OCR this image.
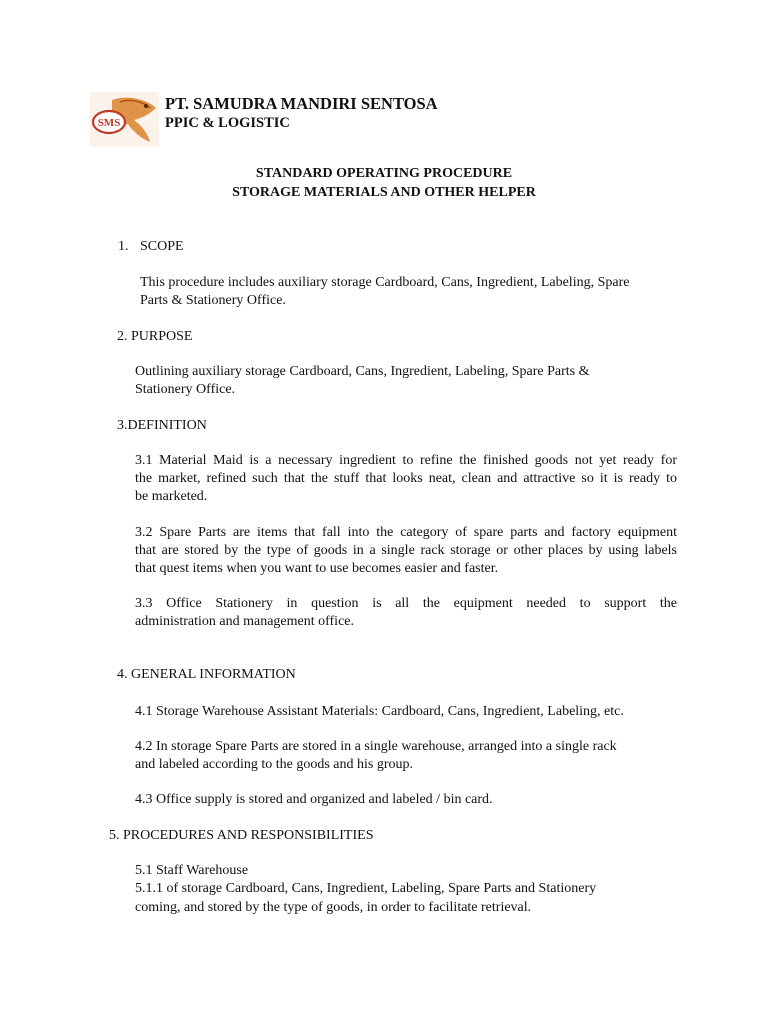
SMS
PT. SAMUDRA MANDIRI SENTOSA
PPIC & LOGISTIC
STANDARD OPERATING PROCEDURE
STORAGE MATERIALS AND OTHER HELPER
1. SCOPE
This procedure includes auxiliary storage Cardboard, Cans, Ingredient, Labeling, Spare
Parts & Stationery Office.
2. PURPOSE
Outlining auxiliary storage Cardboard, Cans, Ingredient, Labeling, Spare Parts &
Stationery Office.
3.DEFINITION
3.1 Material Maid is a necessary ingredient to refine the finished goods not yet ready for
the market, refined such that the stuff that looks neat, clean and attractive so it is ready to
be marketed.
3.2 Spare Parts are items that fall into the category of spare parts and factory equipment
that are stored by the type of goods in a single rack storage or other places by using labels
that quest items when you want to use becomes easier and faster.
3.3 Office Stationery in question is all the equipment needed to support the
administration and management office.
4. GENERAL INFORMATION
4.1 Storage Warehouse Assistant Materials: Cardboard, Cans, Ingredient, Labeling, etc.
4.2 In storage Spare Parts are stored in a single warehouse, arranged into a single rack
and labeled according to the goods and his group.
4.3 Office supply is stored and organized and labeled / bin card.
5. PROCEDURES AND RESPONSIBILITIES
5.1 Staff Warehouse
5.1.1 of storage Cardboard, Cans, Ingredient, Labeling, Spare Parts and Stationery
coming, and stored by the type of goods, in order to facilitate retrieval.
